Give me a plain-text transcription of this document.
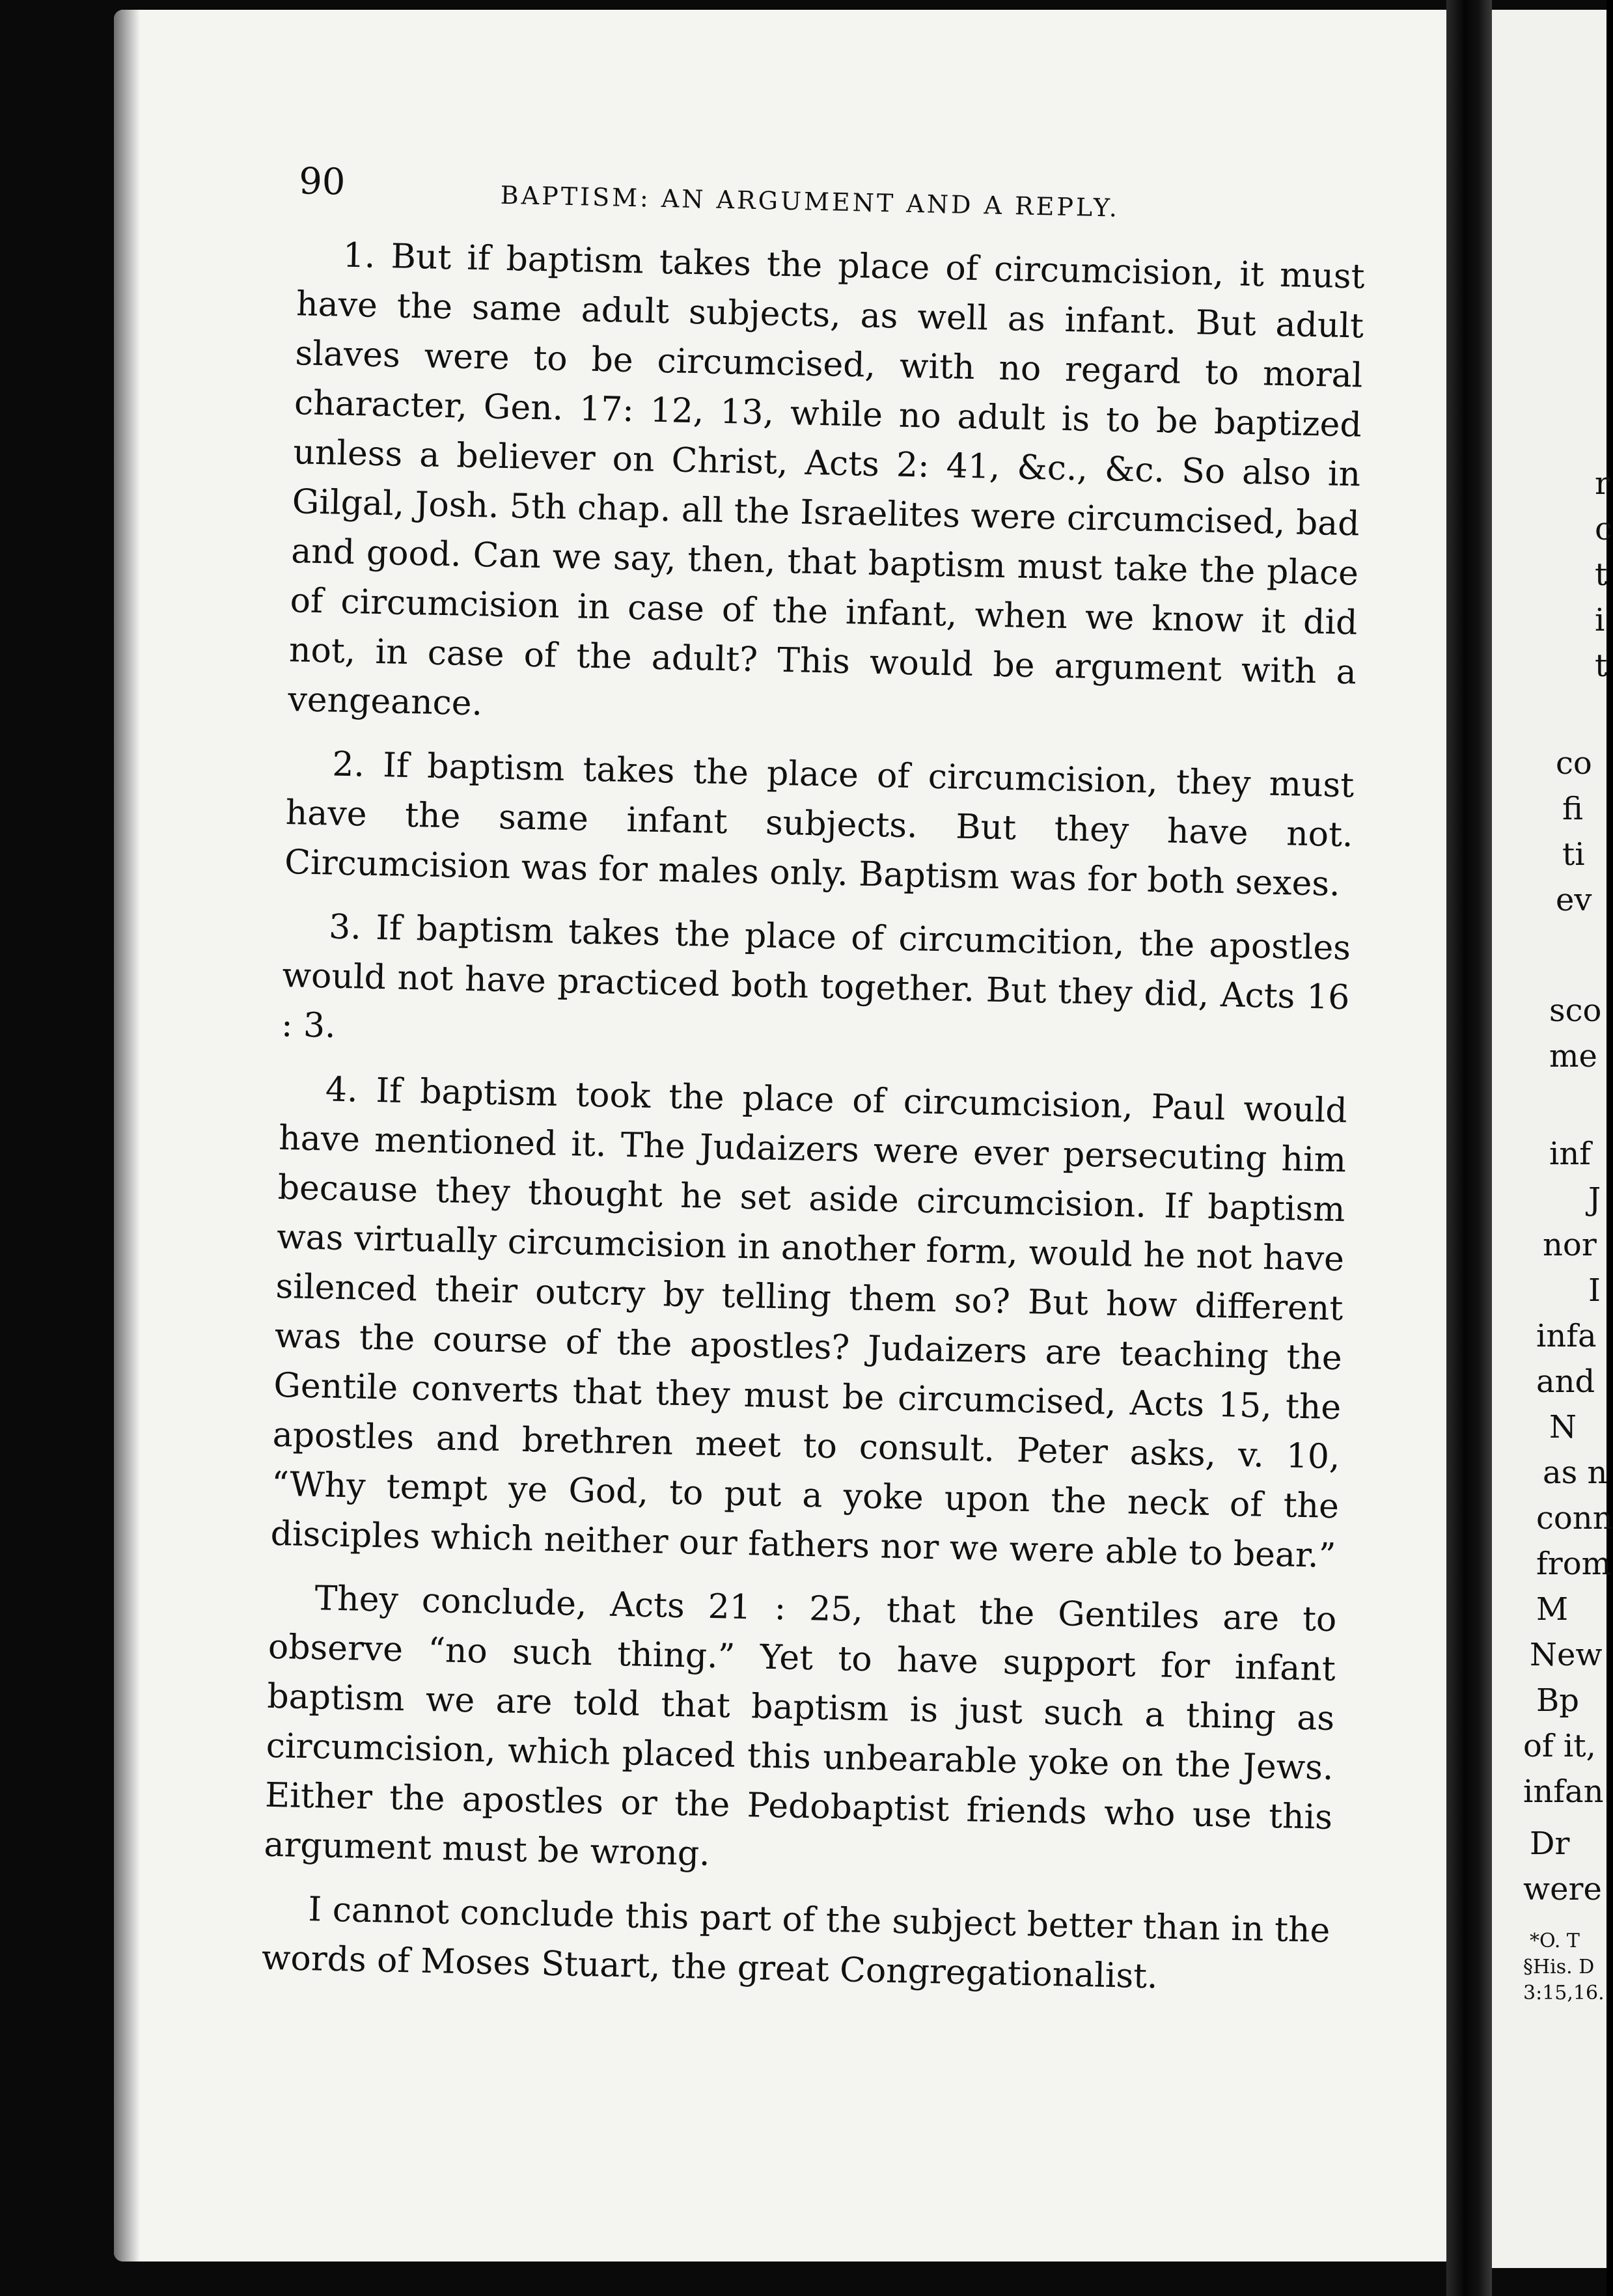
90	BAPTISM: AN ARGUMENT AND A REPLY.

1. But if baptism takes the place of circumcision, it must have the same adult subjects, as well as infant. But adult slaves were to be circumcised, with no regard to moral character, Gen. 17: 12, 13, while no adult is to be baptized unless a believer on Christ, Acts 2: 41, &c., &c. So also in Gilgal, Josh. 5th chap. all the Israelites were circumcised, bad and good. Can we say, then, that baptism must take the place of circumcision in case of the infant, when we know it did not, in case of the adult? This would be argument with a vengeance.

2. If baptism takes the place of circumcision, they must have the same infant subjects. But they have not. Circumcision was for males only. Baptism was for both sexes.

3. If baptism takes the place of circumcition, the apostles would not have practiced both together. But they did, Acts 16 : 3.

4. If baptism took the place of circumcision, Paul would have mentioned it. The Judaizers were ever persecuting him because they thought he set aside circumcision. If baptism was virtually circumcision in another form, would he not have silenced their outcry by telling them so? But how different was the course of the apostles? Judaizers are teaching the Gentile converts that they must be circumcised, Acts 15, the apostles and brethren meet to consult. Peter asks, v. 10, “Why tempt ye God, to put a yoke upon the neck of the disciples which neither our fathers nor we were able to bear.”

They conclude, Acts 21 : 25, that the Gentiles are to observe “no such thing.” Yet to have support for infant baptism we are told that baptism is just such a thing as circumcision, which placed this unbearable yoke on the Jews. Either the apostles or the Pedobaptist friends who use this argument must be wrong.

I cannot conclude this part of the subject better than in the words of Moses Stuart, the great Congregationalist.

r
c
t
i
t
co
fi
ti
ev
sco
me
inf
J
nor
I
infa
and
N
as n
conn
from
M
New
Bp
of it,
infan
Dr
were
*O. T
§His. D
3:15,16.
